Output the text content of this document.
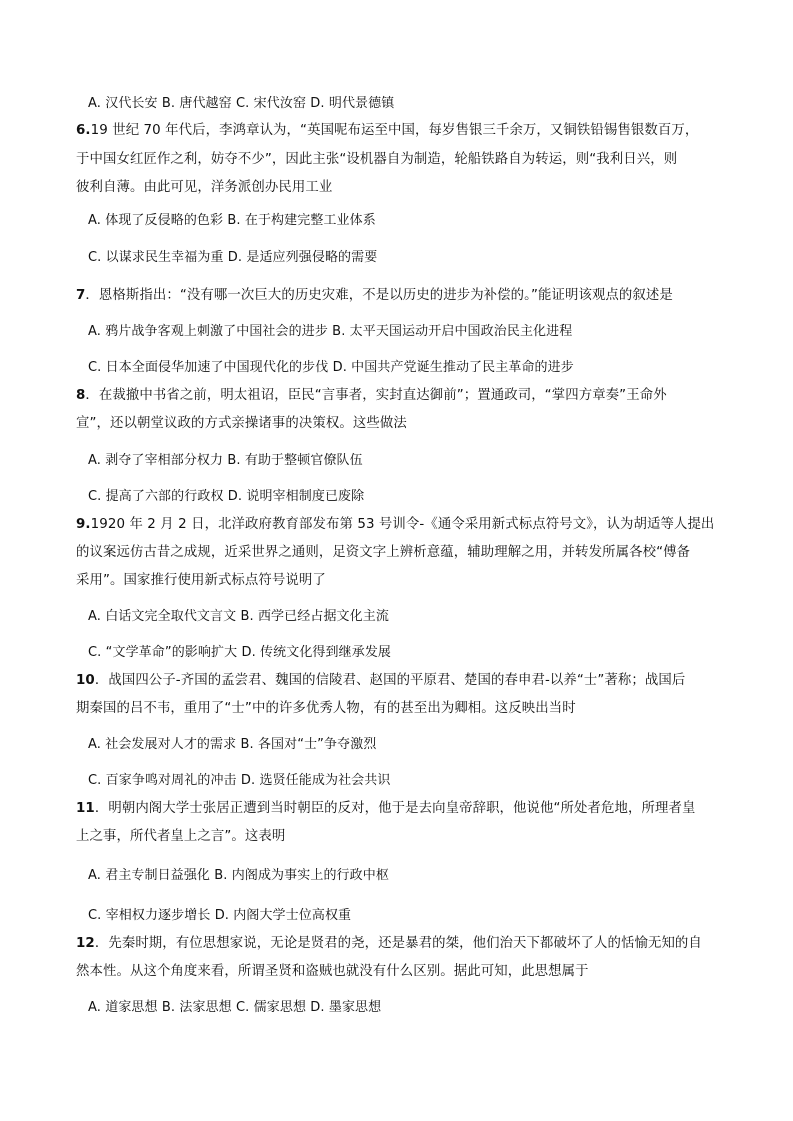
A. 汉代长安 B. 唐代越窑 C. 宋代汝窑 D. 明代景德镇
6.19 世纪 70 年代后，李鸿章认为，“英国呢布运至中国，每岁售银三千余万，又铜铁铅锡售银数百万，
于中国女红匠作之利，妨夺不少”，因此主张“设机器自为制造，轮船铁路自为转运，则“我利日兴，则
彼利自薄。由此可见，洋务派创办民用工业
A. 体现了反侵略的色彩 B. 在于构建完整工业体系
C. 以谋求民生幸福为重 D. 是适应列强侵略的需要
7．恩格斯指出：“没有哪一次巨大的历史灾难，不是以历史的进步为补偿的。”能证明该观点的叙述是
A. 鸦片战争客观上刺激了中国社会的进步 B. 太平天国运动开启中国政治民主化进程
C. 日本全面侵华加速了中国现代化的步伐 D. 中国共产党诞生推动了民主革命的进步
8．在裁撤中书省之前，明太祖诏，臣民“言事者，实封直达御前”；置通政司，“掌四方章奏”王命外
宣”，还以朝堂议政的方式亲操诸事的决策权。这些做法
A. 剥夺了宰相部分权力 B. 有助于整顿官僚队伍
C. 提高了六部的行政权 D. 说明宰相制度已废除
9.1920 年 2 月 2 日，北洋政府教育部发布第 53 号训令-《通令采用新式标点符号文》，认为胡适等人提出
的议案远仿古昔之成规，近采世界之通则，足资文字上辨析意蕴，辅助理解之用，并转发所属各校“傅备
采用”。国家推行使用新式标点符号说明了
A. 白话文完全取代文言文 B. 西学已经占据文化主流
C. “文学革命”的影响扩大 D. 传统文化得到继承发展
10．战国四公子-齐国的孟尝君、魏国的信陵君、赵国的平原君、楚国的春申君-以养“士”著称；战国后
期秦国的吕不韦，重用了“士”中的许多优秀人物，有的甚至出为卿相。这反映出当时
A. 社会发展对人才的需求 B. 各国对“士”争夺激烈
C. 百家争鸣对周礼的冲击 D. 选贤任能成为社会共识
11．明朝内阁大学士张居正遭到当时朝臣的反对，他于是去向皇帝辞职，他说他“所处者危地，所理者皇
上之事，所代者皇上之言”。这表明
A. 君主专制日益强化 B. 内阁成为事实上的行政中枢
C. 宰相权力逐步增长 D. 内阁大学士位高权重
12．先秦时期，有位思想家说，无论是贤君的尧，还是暴君的桀，他们治天下都破坏了人的恬愉无知的自
然本性。从这个角度来看，所谓圣贤和盗贼也就没有什么区别。据此可知，此思想属于
A. 道家思想 B. 法家思想 C. 儒家思想 D. 墨家思想
